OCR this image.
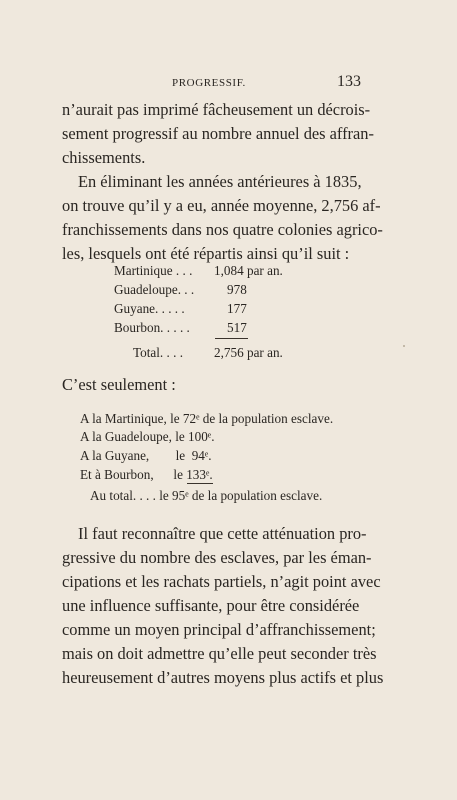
PROGRESSIF.	133
n’aurait pas imprimé fâcheusement un décrois-
sement progressif au nombre annuel des affran-
chissements.
En éliminant les années antérieures à 1835,
on trouve qu’il y a eu, année moyenne, 2,756 af-
franchissements dans nos quatre colonies agrico-
les, lesquels ont été répartis ainsi qu’il suit :
Martinique . . . 1,084 par an.
Guadeloupe. . . 978
Guyane. . . . .	177
Bourbon. . . . .	517
Total. . . . 2,756 par an.
C’est seulement :
A la Martinique, le 72ᵉ de la population esclave.
A la Guadeloupe, le 100ᵉ.
A la Guyane,        le  94ᵉ.
Et à Bourbon,      le 133ᵉ.
Au total. . . . le 95ᵉ de la population esclave.
Il faut reconnaître que cette atténuation pro-
gressive du nombre des esclaves, par les éman-
cipations et les rachats partiels, n’agit point avec
une influence suffisante, pour être considérée
comme un moyen principal d’affranchissement;
mais on doit admettre qu’elle peut seconder très
heureusement d’autres moyens plus actifs et plus
